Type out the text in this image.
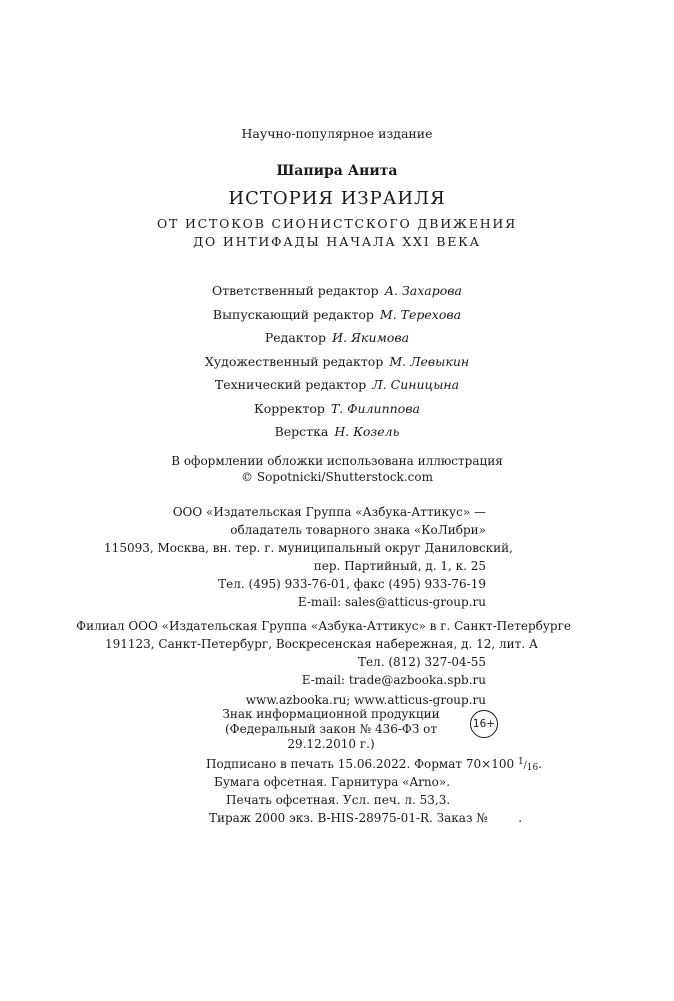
Научно-популярное издание
Шапира Анита
ИСТОРИЯ ИЗРАИЛЯ
ОТ ИСТОКОВ СИОНИСТСКОГО ДВИЖЕНИЯ
ДО ИНТИФАДЫ НАЧАЛА XXI ВЕКА
Ответственный редактор А. Захарова
Выпускающий редактор М. Терехова
Редактор И. Якимова
Художественный редактор М. Левыкин
Технический редактор Л. Синицына
Корректор Т. Филиппова
Верстка Н. Козель
В оформлении обложки использована иллюстрация
© Sopotnicki/Shutterstock.com
ООО «Издательская Группа «Азбука-Аттикус» —
обладатель товарного знака «КоЛибри»
115093, Москва, вн. тер. г. муниципальный округ Даниловский,
пер. Партийный, д. 1, к. 25
Тел. (495) 933-76-01, факс (495) 933-76-19
E-mail: sales@atticus-group.ru
Филиал ООО «Издательская Группа «Азбука-Аттикус» в г. Санкт-Петербурге
191123, Санкт-Петербург, Воскресенская набережная, д. 12, лит. А
Тел. (812) 327-04-55
E-mail: trade@azbooka.spb.ru
www.azbooka.ru; www.atticus-group.ru
Знак информационной продукции
(Федеральный закон № 436-ФЗ от 29.12.2010 г.)
16+
Подписано в печать 15.06.2022. Формат 70×100 1/16.
Бумага офсетная. Гарнитура «Arno».
Печать офсетная. Усл. печ. л. 53,3.
Тираж 2000 экз. B-HIS-28975-01-R. Заказ №        .
